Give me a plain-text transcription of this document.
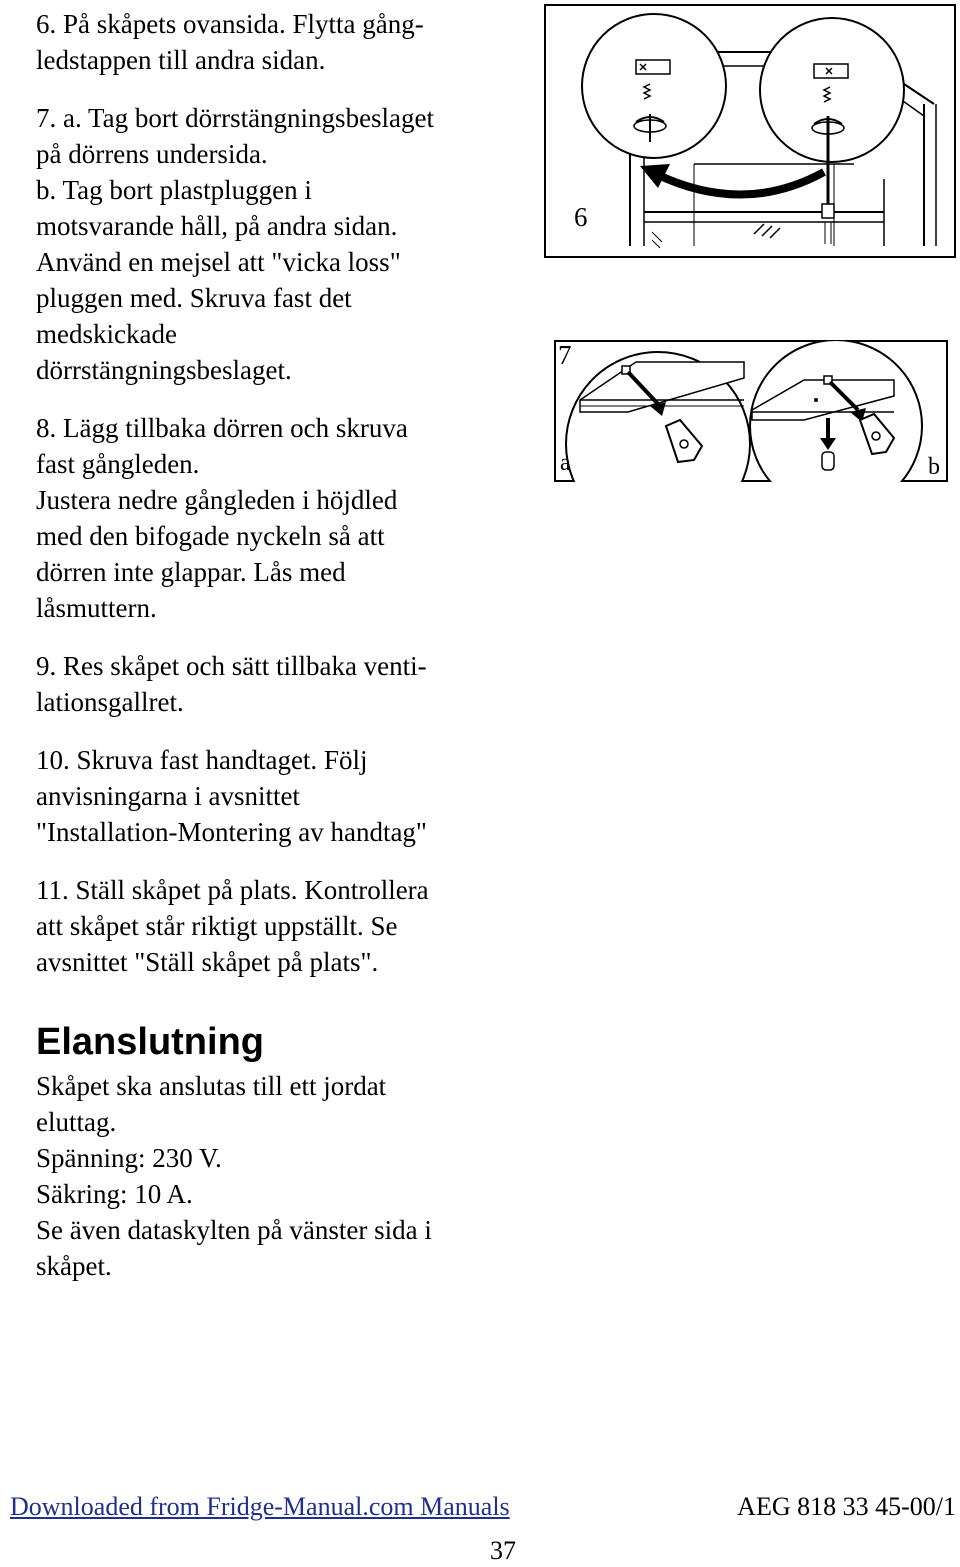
6. På skåpets ovansida. Flytta gång-
ledstappen till andra sidan.

7. a. Tag bort dörrstängningsbeslaget
på dörrens undersida.
b. Tag bort plastpluggen i
motsvarande håll, på andra sidan.
Använd en mejsel att "vicka loss"
pluggen med. Skruva fast det
medskickade
dörrstängningsbeslaget.

8. Lägg tillbaka dörren och skruva
fast gångleden.
Justera nedre gångleden i höjdled
med den bifogade nyckeln så att
dörren inte glappar. Lås med
låsmuttern.

9. Res skåpet och sätt tillbaka venti-
lationsgallret.

10. Skruva fast handtaget. Följ
anvisningarna i avsnittet
"Installation-Montering av handtag"

11. Ställ skåpet på plats. Kontrollera
att skåpet står riktigt uppställt. Se
avsnittet "Ställ skåpet på plats".

Elanslutning

Skåpet ska anslutas till ett jordat
eluttag.
Spänning: 230 V.
Säkring: 10 A.
Se även dataskylten på vänster sida i
skåpet.

6
7
a	b
Downloaded from Fridge-Manual.com Manuals	AEG 818 33 45-00/1
37
